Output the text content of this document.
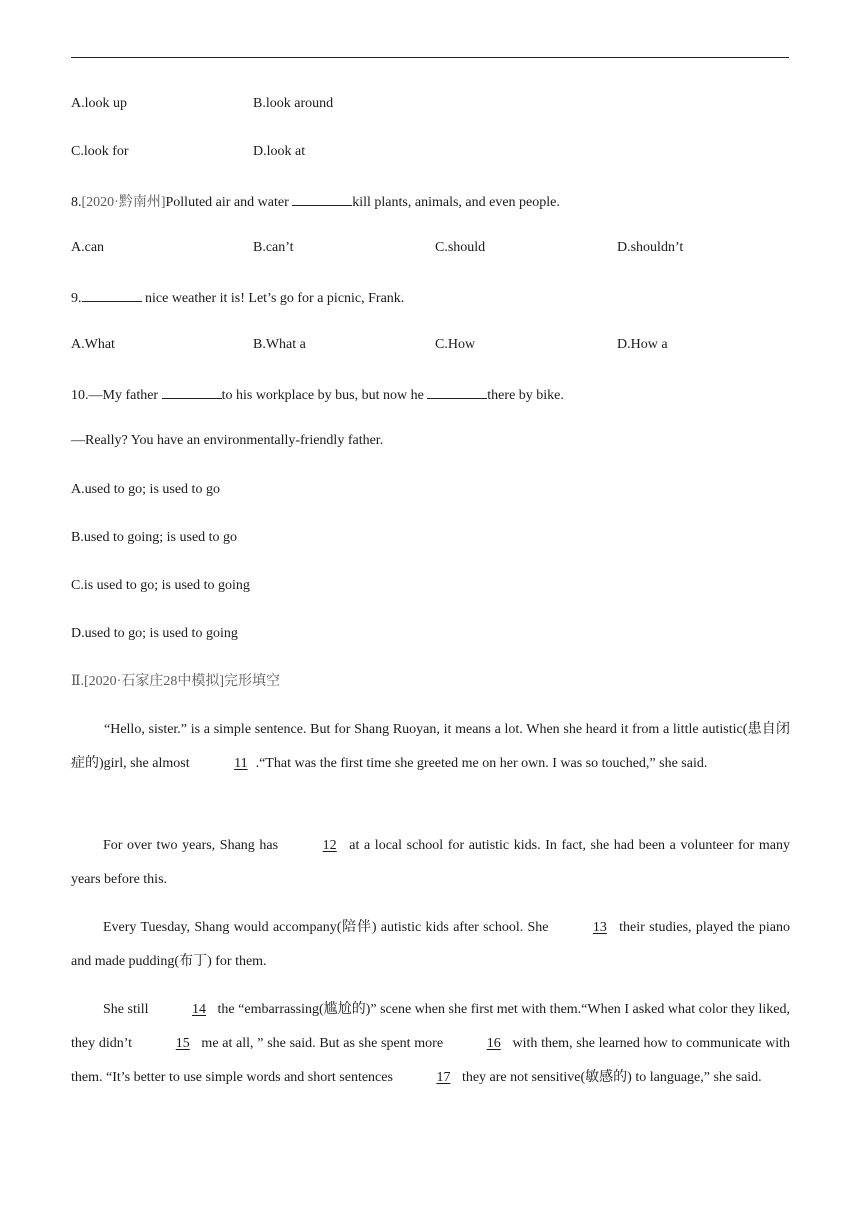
A.look up	B.look around
C.look for	D.look at
8.[2020·黔南州]Polluted air and water	kill plants, animals, and even people.
A.can	B.can’t	C.should	D.shouldn’t
9.	nice weather it is! Let’s go for a picnic, Frank.
A.What	B.What a	C.How	D.How a
10.—My father	to his workplace by bus, but now he	there by bike.
—Really? You have an environmentally-friendly father.
A.used to go; is used to go
B.used to going; is used to go
C.is used to go; is used to going
D.used to go; is used to going
Ⅱ.[2020·石家庄28中模拟]完形填空
“Hello, sister.” is a simple sentence. But for Shang Ruoyan, it means a lot. When she heard it from a little autistic(患自闭症的)girl, she almost	11 .“That was the first time she greeted me on her own. I was so touched,” she said.
For over two years, Shang has	12 at a local school for autistic kids. In fact, she had been a volunteer for many years before this.
Every Tuesday, Shang would accompany(陪伴) autistic kids after school. She	13 their studies, played the piano and made pudding(布丁) for them.
She still	14 the “embarrassing(尴尬的)” scene when she first met with them.“When I asked what color they liked, they didn’t	15 me at all, ” she said. But as she spent more	16 with them, she learned how to communicate with them. “It’s better to use simple words and short sentences	17 they are not sensitive(敏感的) to language,” she said.
